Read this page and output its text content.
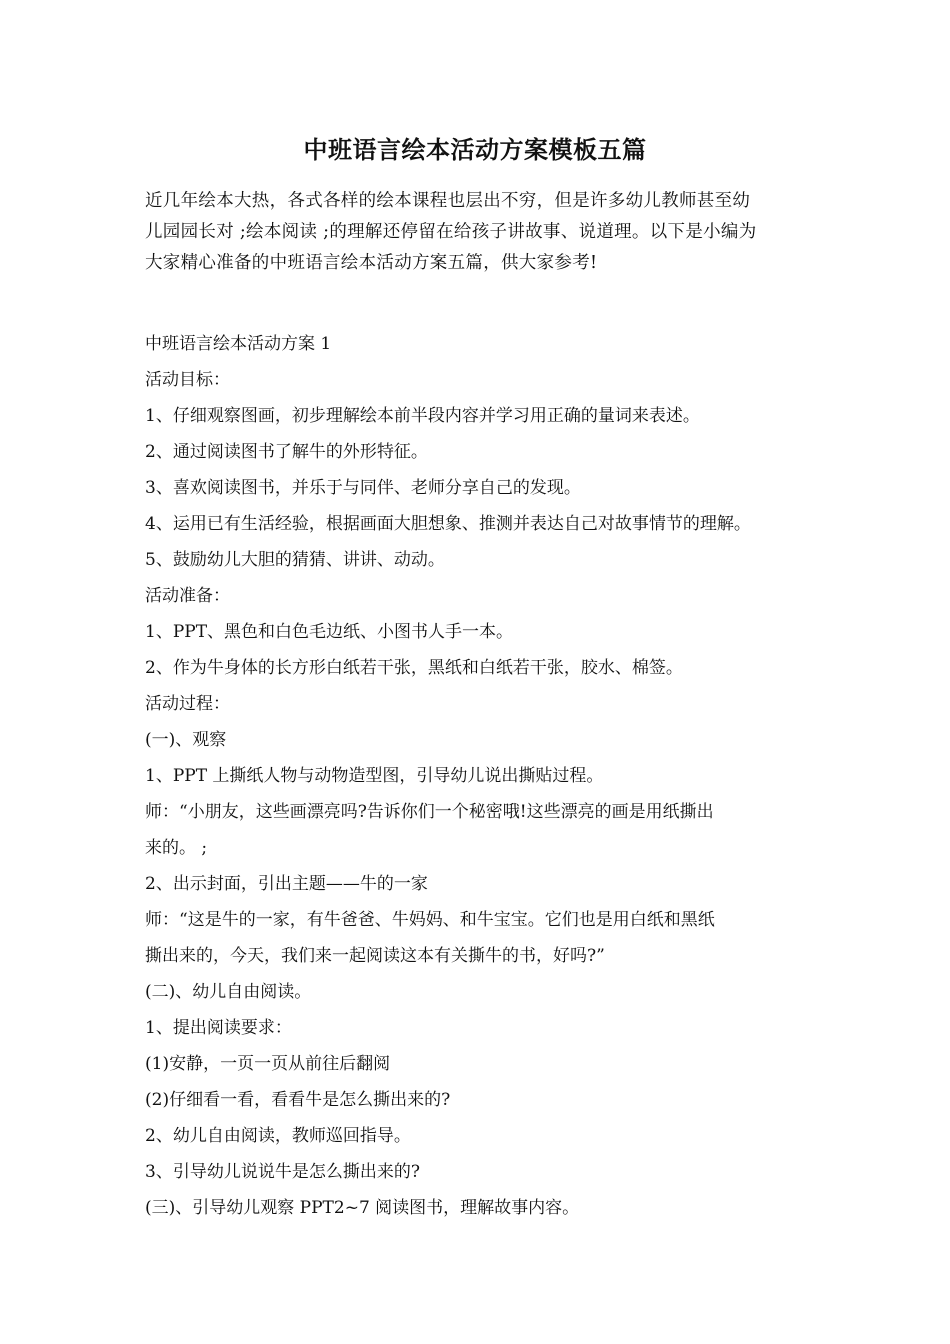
中班语言绘本活动方案模板五篇
近几年绘本大热，各式各样的绘本课程也层出不穷，但是许多幼儿教师甚至幼
儿园园长对 ;绘本阅读 ;的理解还停留在给孩子讲故事、说道理。以下是小编为
大家精心准备的中班语言绘本活动方案五篇，供大家参考!
中班语言绘本活动方案 1
活动目标：
1、仔细观察图画，初步理解绘本前半段内容并学习用正确的量词来表述。
2、通过阅读图书了解牛的外形特征。
3、喜欢阅读图书，并乐于与同伴、老师分享自己的发现。
4、运用已有生活经验，根据画面大胆想象、推测并表达自己对故事情节的理解。
5、鼓励幼儿大胆的猜猜、讲讲、动动。
活动准备：
1、PPT、黑色和白色毛边纸、小图书人手一本。
2、作为牛身体的长方形白纸若干张，黑纸和白纸若干张，胶水、棉签。
活动过程：
(一)、观察
1、PPT 上撕纸人物与动物造型图，引导幼儿说出撕贴过程。
师：“小朋友，这些画漂亮吗?告诉你们一个秘密哦!这些漂亮的画是用纸撕出
来的。 ;
2、出示封面，引出主题——牛的一家
师：“这是牛的一家，有牛爸爸、牛妈妈、和牛宝宝。它们也是用白纸和黑纸
撕出来的，今天，我们来一起阅读这本有关撕牛的书，好吗?”
(二)、幼儿自由阅读。
1、提出阅读要求：
(1)安静，一页一页从前往后翻阅
(2)仔细看一看，看看牛是怎么撕出来的?
2、幼儿自由阅读，教师巡回指导。
3、引导幼儿说说牛是怎么撕出来的?
(三)、引导幼儿观察 PPT2~7 阅读图书，理解故事内容。
